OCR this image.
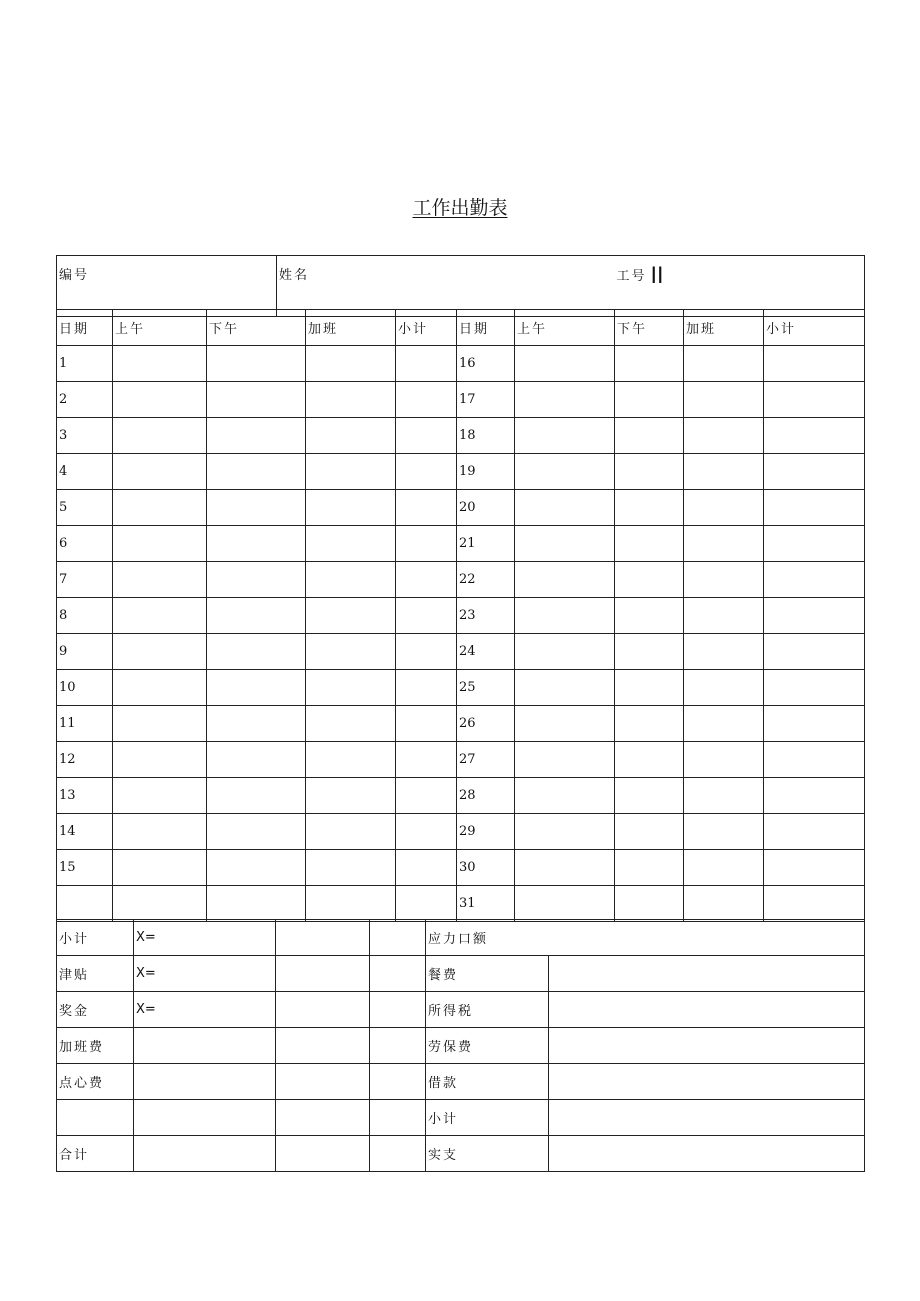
工作出勤表
编号	姓名	工号 II
日期	上午	下午	加班	小计	日期	上午	下午	加班	小计
1					16				
2					17				
3					18				
4					19				
5					20				
6					21				
7					22				
8					23				
9					24				
10					25				
11					26				
12					27				
13					28				
14					29				
15					30				
					31				
小计	X=			应力口额	
津贴	X=			餐费	
奖金	X=			所得税	
加班费				劳保费	
点心费				借款	
				小计	
合计				实支	
